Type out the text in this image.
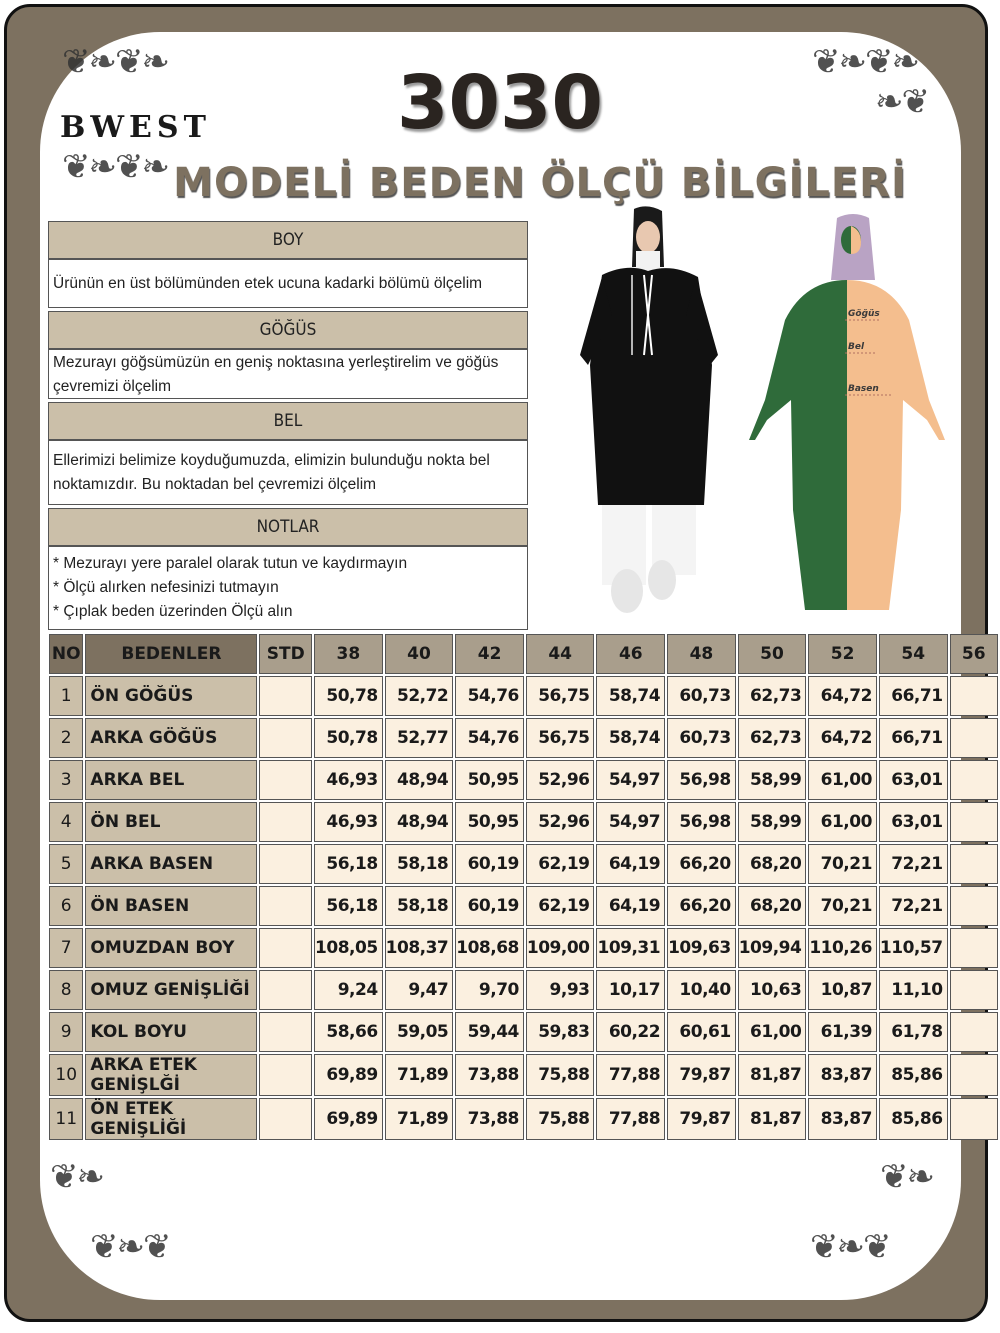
❦❧❦❧
❦❧❦❧
❦❧❦❧
❧❦
❦❧
❦❧❦
❦❧
❦❧❦
BWEST	3030
MODELİ BEDEN ÖLÇÜ BİLGİLERİ
BOY
Ürünün en üst bölümünden etek ucuna kadarki bölümü ölçelim
GÖĞÜS
Mezurayı göğsümüzün en geniş noktasına yerleştirelim ve göğüs
çevremizi ölçelim
BEL
Ellerimizi belimize koyduğumuzda, elimizin bulunduğu nokta bel
noktamızdır. Bu noktadan bel çevremizi ölçelim
NOTLAR
* Mezurayı yere paralel olarak tutun ve kaydırmayın
* Ölçü alırken nefesinizi tutmayın
* Çıplak beden üzerinden Ölçü alın
Göğüs
Bel
Basen
NO	BEDENLER	STD	38	40	42	44	46	48	50	52	54	56
1	ÖN GÖĞÜS		50,78	52,72	54,76	56,75	58,74	60,73	62,73	64,72	66,71	
2	ARKA GÖĞÜS		50,78	52,77	54,76	56,75	58,74	60,73	62,73	64,72	66,71	
3	ARKA BEL		46,93	48,94	50,95	52,96	54,97	56,98	58,99	61,00	63,01	
4	ÖN BEL		46,93	48,94	50,95	52,96	54,97	56,98	58,99	61,00	63,01	
5	ARKA BASEN		56,18	58,18	60,19	62,19	64,19	66,20	68,20	70,21	72,21	
6	ÖN BASEN		56,18	58,18	60,19	62,19	64,19	66,20	68,20	70,21	72,21	
7	OMUZDAN BOY		108,05	108,37	108,68	109,00	109,31	109,63	109,94	110,26	110,57	
8	OMUZ GENİŞLİĞİ		9,24	9,47	9,70	9,93	10,17	10,40	10,63	10,87	11,10	
9	KOL BOYU		58,66	59,05	59,44	59,83	60,22	60,61	61,00	61,39	61,78	
10	ARKA ETEK GENİŞLĞİ		69,89	71,89	73,88	75,88	77,88	79,87	81,87	83,87	85,86	
11	ÖN ETEK GENİŞLİĞİ		69,89	71,89	73,88	75,88	77,88	79,87	81,87	83,87	85,86	
